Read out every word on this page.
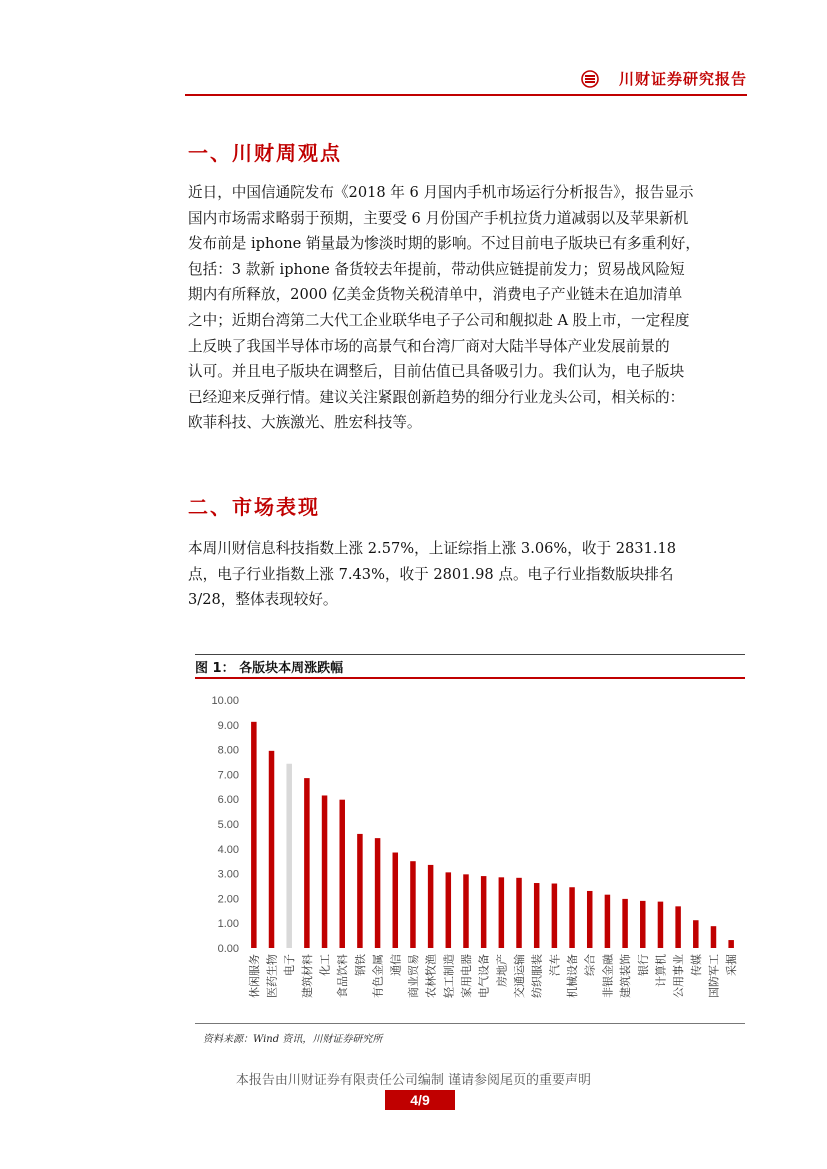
川财证券研究报告
一、川财周观点
近日，中国信通院发布《2018 年 6 月国内手机市场运行分析报告》，报告显示
国内市场需求略弱于预期，主要受 6 月份国产手机拉货力道减弱以及苹果新机
发布前是 iphone 销量最为惨淡时期的影响。不过目前电子版块已有多重利好，
包括：3 款新 iphone 备货较去年提前，带动供应链提前发力；贸易战风险短
期内有所释放，2000 亿美金货物关税清单中，消费电子产业链未在追加清单
之中；近期台湾第二大代工企业联华电子子公司和舰拟赴 A 股上市，一定程度
上反映了我国半导体市场的高景气和台湾厂商对大陆半导体产业发展前景的
认可。并且电子版块在调整后，目前估值已具备吸引力。我们认为，电子版块
已经迎来反弹行情。建议关注紧跟创新趋势的细分行业龙头公司，相关标的：
欧菲科技、大族激光、胜宏科技等。
二、市场表现
本周川财信息科技指数上涨 2.57%，上证综指上涨 3.06%，收于 2831.18
点，电子行业指数上涨 7.43%，收于 2801.98 点。电子行业指数版块排名
3/28，整体表现较好。
图 1： 各版块本周涨跌幅
0.00
1.00
2.00
3.00
4.00
5.00
6.00
7.00
8.00
9.00
10.00
休闲服务 医药生物 电子 建筑材料 化工 食品饮料 钢铁 有色金属 通信 商业贸易 农林牧渔 轻工制造 家用电器 电气设备 房地产 交通运输 纺织服装 汽车 机械设备 综合 非银金融 建筑装饰 银行 计算机 公用事业 传媒 国防军工 采掘
资料来源：Wind 资讯，川财证券研究所
本报告由川财证券有限责任公司编制 谨请参阅尾页的重要声明
4/9
